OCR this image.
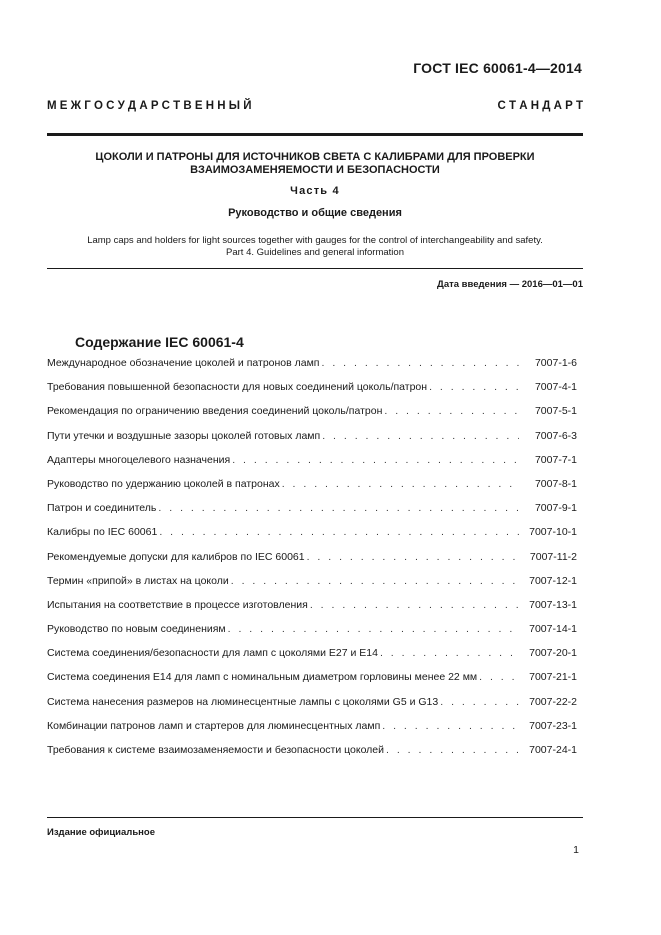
ГОСТ IEC 60061-4—2014
М Е Ж Г О С У Д А Р С Т В Е Н Н Ы Й	С Т А Н Д А Р Т
ЦОКОЛИ И ПАТРОНЫ ДЛЯ ИСТОЧНИКОВ СВЕТА С КАЛИБРАМИ ДЛЯ ПРОВЕРКИ
ВЗАИМОЗАМЕНЯЕМОСТИ И БЕЗОПАСНОСТИ
Часть 4
Руководство и общие сведения
Lamp caps and holders for light sources together with gauges for the control of interchangeability and safety.
Part 4. Guidelines and general information
Дата введения — 2016—01—01
Содержание IEC 60061-4
Международное обозначение цоколей и патронов ламп . . .	7007-1-6
Требования повышенной безопасности для новых соединений цоколь/патрон . . .	7007-4-1
Рекомендация по ограничению введения соединений цоколь/патрон . . .	7007-5-1
Пути утечки и воздушные зазоры цоколей готовых ламп . . .	7007-6-3
Адаптеры многоцелевого назначения . . .	7007-7-1
Руководство по удержанию цоколей в патронах . . .	7007-8-1
Патрон и соединитель . . .	7007-9-1
Калибры по IEC 60061 . . .	7007-10-1
Рекомендуемые допуски для калибров по IEC 60061 . . .	7007-11-2
Термин «припой» в листах на цоколи . . .	7007-12-1
Испытания на соответствие в процессе изготовления . . .	7007-13-1
Руководство по новым соединениям . . .	7007-14-1
Система соединения/безопасности для ламп с цоколями E27 и E14 . . .	7007-20-1
Система соединения E14 для ламп с номинальным диаметром горловины менее 22 мм . . .	7007-21-1
Система нанесения размеров на люминесцентные лампы с цоколями G5 и G13 . . .	7007-22-2
Комбинации патронов ламп и стартеров для люминесцентных ламп . . .	7007-23-1
Требования к системе взаимозаменяемости и безопасности цоколей . . .	7007-24-1
Издание официальное
1
